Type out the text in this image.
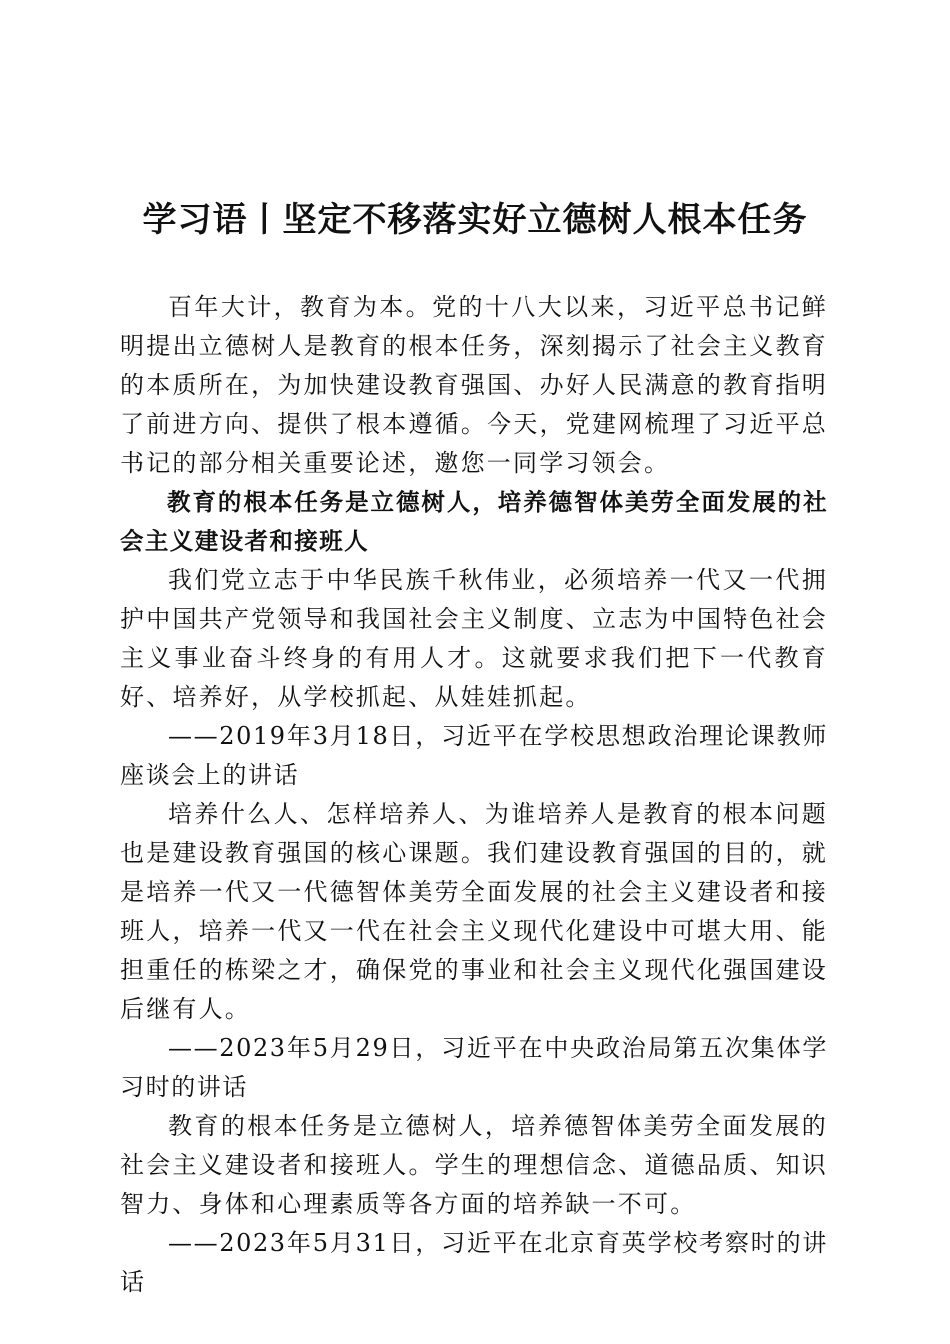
学习语丨坚定不移落实好立德树人根本任务

百年大计，教育为本。党的十八大以来，习近平总书记鲜明提出立德树人是教育的根本任务，深刻揭示了社会主义教育的本质所在，为加快建设教育强国、办好人民满意的教育指明了前进方向、提供了根本遵循。今天，党建网梳理了习近平总书记的部分相关重要论述，邀您一同学习领会。

教育的根本任务是立德树人，培养德智体美劳全面发展的社会主义建设者和接班人

我们党立志于中华民族千秋伟业，必须培养一代又一代拥护中国共产党领导和我国社会主义制度、立志为中国特色社会主义事业奋斗终身的有用人才。这就要求我们把下一代教育好、培养好，从学校抓起、从娃娃抓起。

——2019年3月18日，习近平在学校思想政治理论课教师座谈会上的讲话

培养什么人、怎样培养人、为谁培养人是教育的根本问题也是建设教育强国的核心课题。我们建设教育强国的目的，就是培养一代又一代德智体美劳全面发展的社会主义建设者和接班人，培养一代又一代在社会主义现代化建设中可堪大用、能担重任的栋梁之才，确保党的事业和社会主义现代化强国建设后继有人。

——2023年5月29日，习近平在中央政治局第五次集体学习时的讲话

教育的根本任务是立德树人，培养德智体美劳全面发展的社会主义建设者和接班人。学生的理想信念、道德品质、知识智力、身体和心理素质等各方面的培养缺一不可。

——2023年5月31日，习近平在北京育英学校考察时的讲话
